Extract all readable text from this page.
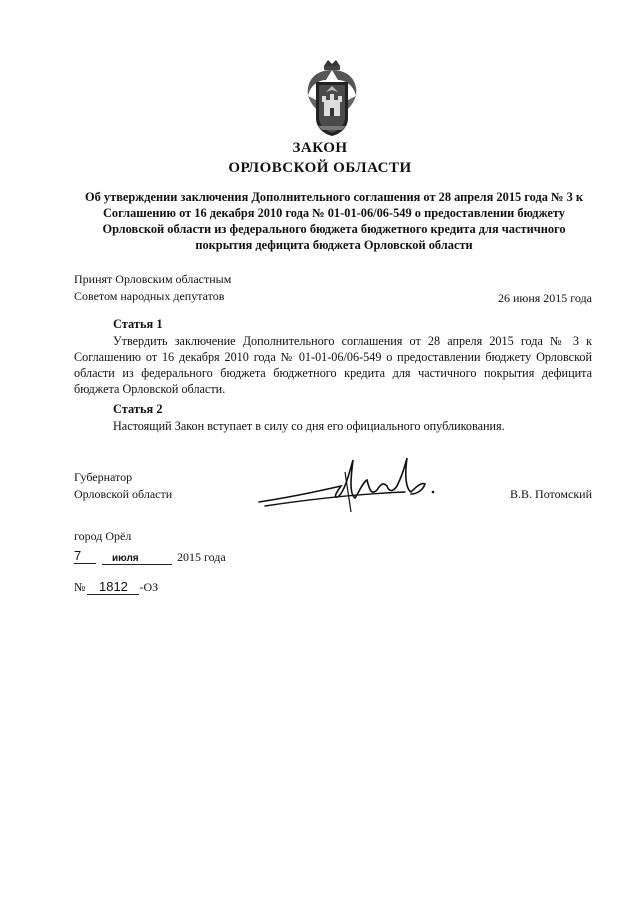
ЗАКОН
ОРЛОВСКОЙ ОБЛАСТИ
Об утверждении заключения Дополнительного соглашения от 28 апреля 2015 года № 3 к Соглашению от 16 декабря 2010 года № 01-01-06/06-549 о предоставлении бюджету Орловской области из федерального бюджета бюджетного кредита для частичного покрытия дефицита бюджета Орловской области
Принят Орловским областным
Советом народных депутатов	26 июня 2015 года
Статья 1
Утвердить заключение Дополнительного соглашения от 28 апреля 2015 года № 3 к Соглашению от 16 декабря 2010 года № 01-01-06/06-549 о предоставлении бюджету Орловской области из федерального бюджета бюджетного кредита для частичного покрытия дефицита бюджета Орловской области.
Статья 2
Настоящий Закон вступает в силу со дня его официального опубликования.
Губернатор
Орловской области	В.В. Потомский
город Орёл
7	июля	2015 года
№ 1812 -ОЗ
